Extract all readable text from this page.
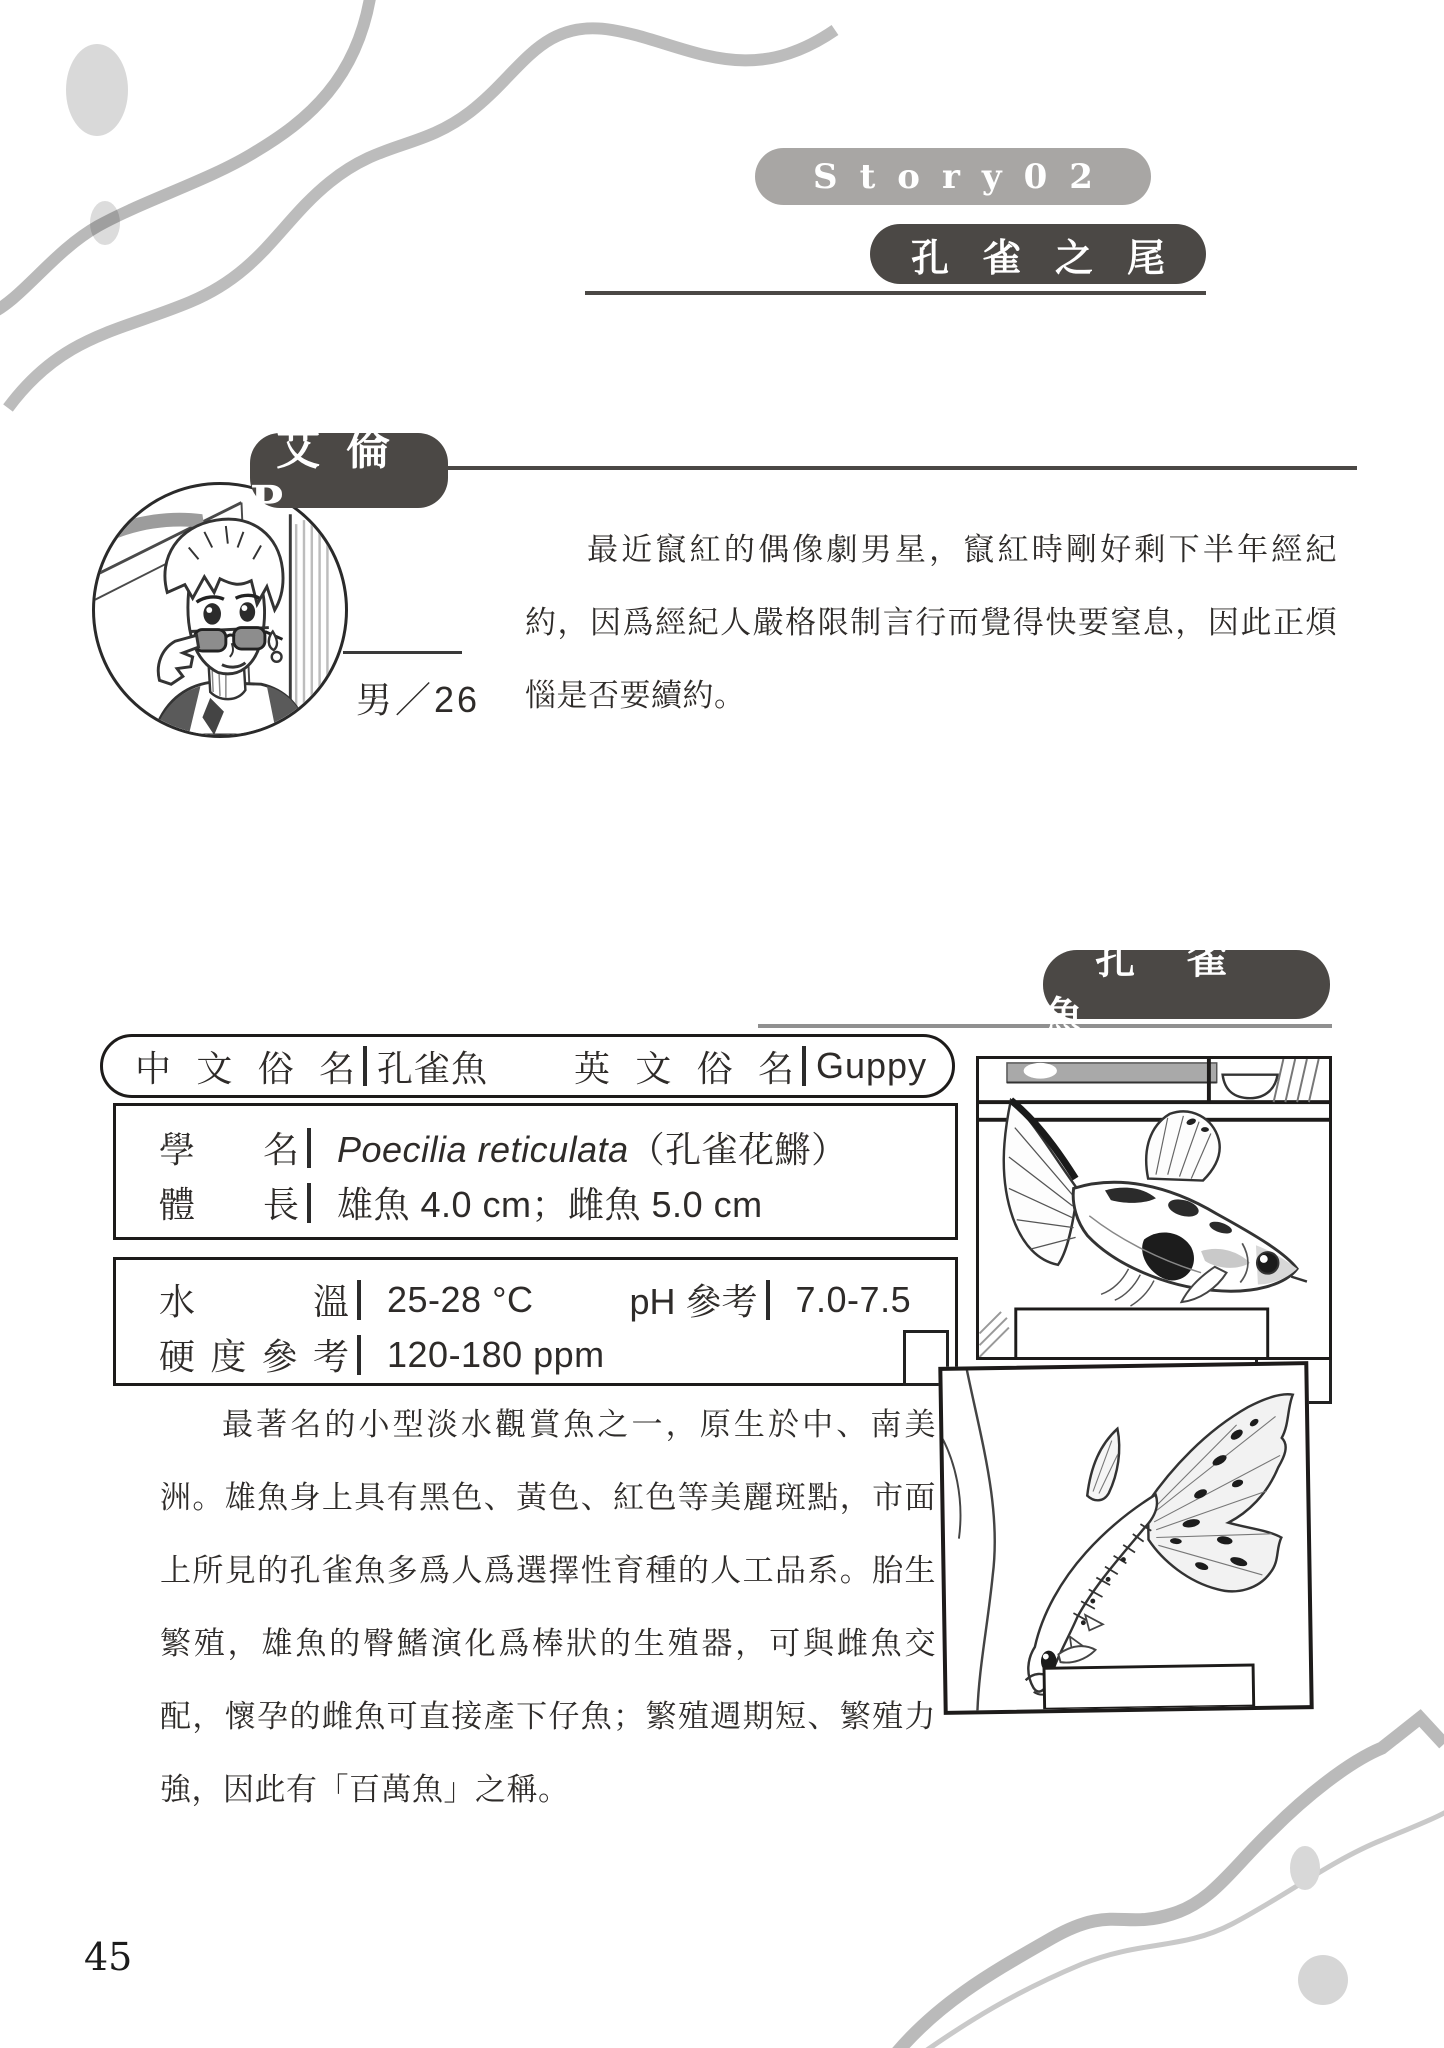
Story02
孔雀之尾
艾倫P
最近竄紅的偶像劇男星，竄紅時剛好剩下半年經紀約，因爲經紀人嚴格限制言行而覺得快要窒息，因此正煩惱是否要續約。
男／26
孔雀魚
中文俗名 孔雀魚 英文俗名 Guppy
學名 Poecilia reticulata（孔雀花鱂）
體長 雄魚 4.0 cm；雌魚 5.0 cm
水溫 25-28 °C	pH 參考 7.0-7.5
硬度參考 120-180 ppm
最著名的小型淡水觀賞魚之一，原生於中、南美洲。雄魚身上具有黑色、黃色、紅色等美麗斑點，市面上所見的孔雀魚多爲人爲選擇性育種的人工品系。胎生繁殖，雄魚的臀鰭演化爲棒狀的生殖器，可與雌魚交配，懷孕的雌魚可直接產下仔魚；繁殖週期短、繁殖力強，因此有「百萬魚」之稱。
45
